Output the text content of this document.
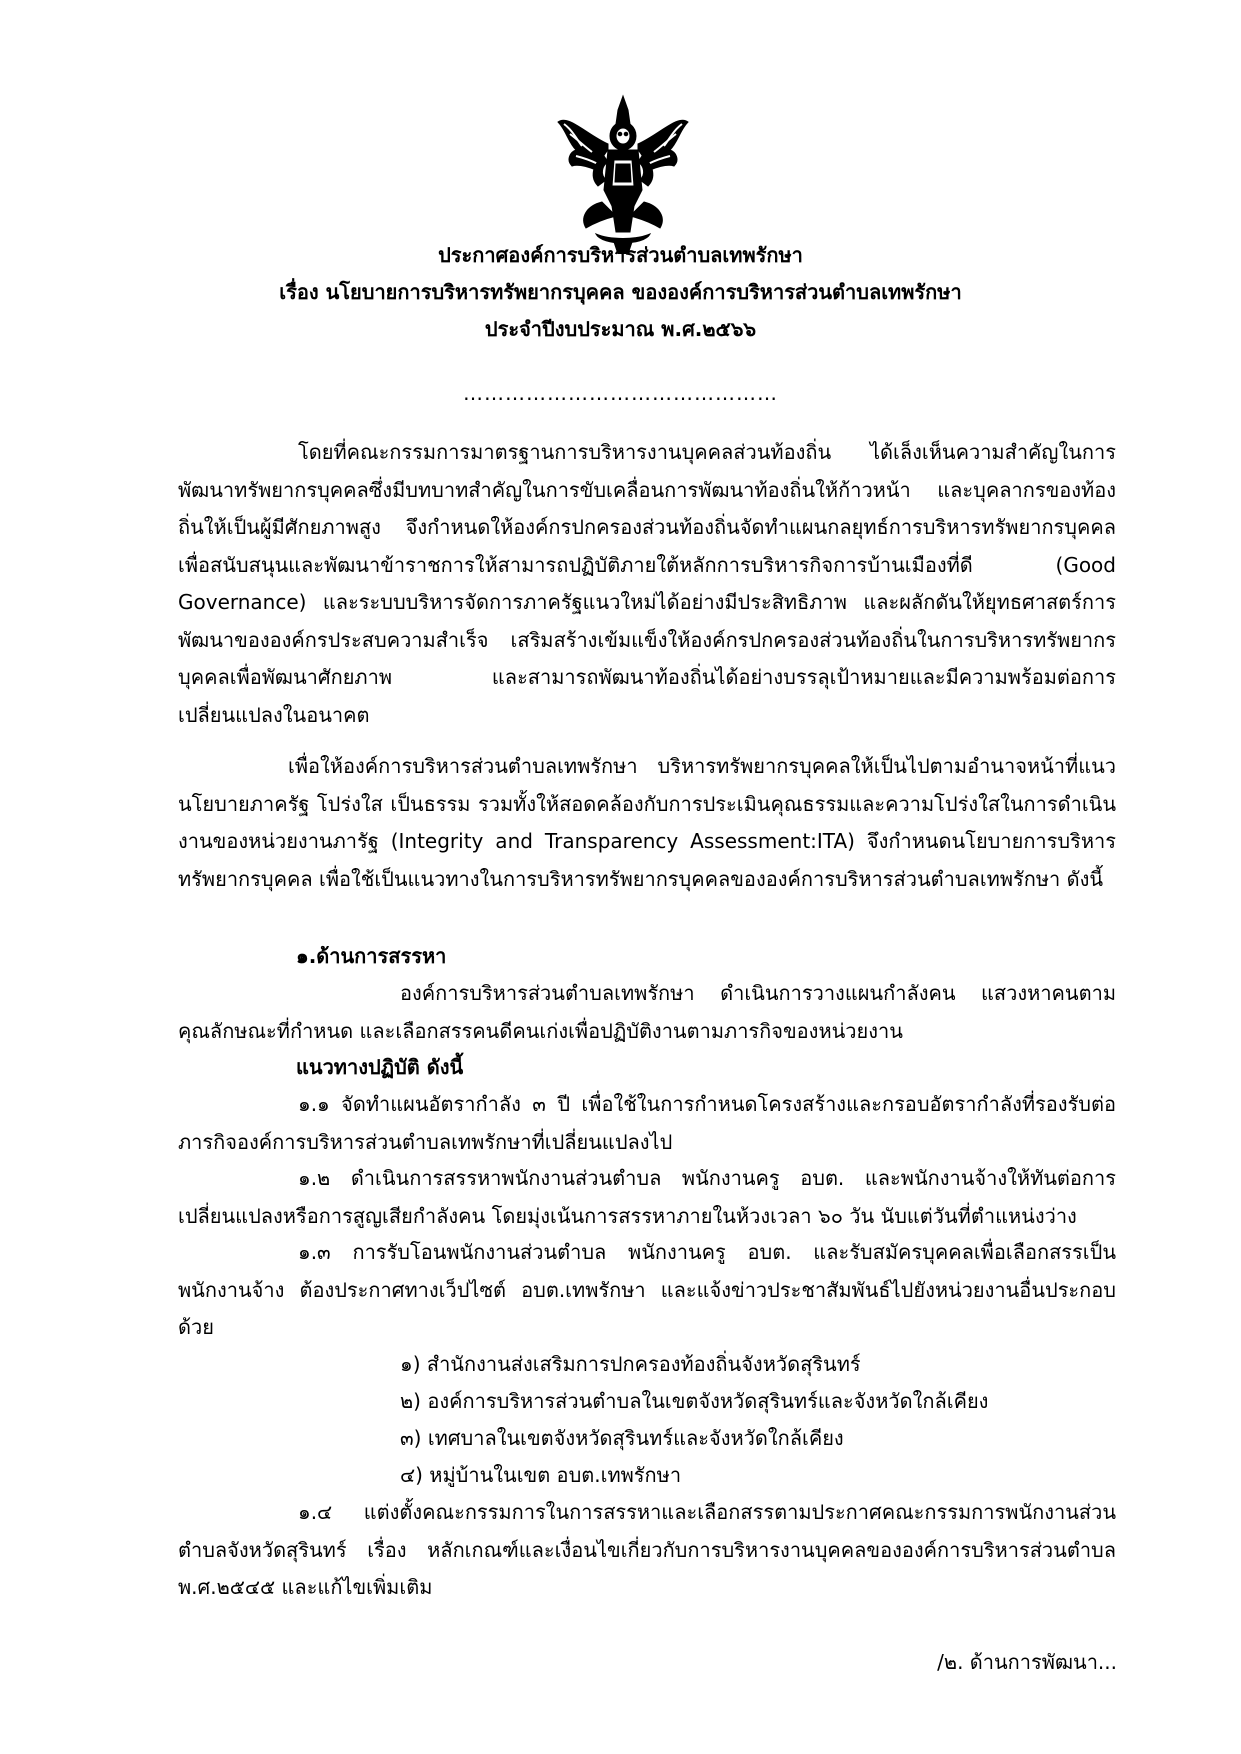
ประกาศองค์การบริหารส่วนตำบลเทพรักษา
เรื่อง นโยบายการบริหารทรัพยากรบุคคล ขององค์การบริหารส่วนตำบลเทพรักษา
ประจำปีงบประมาณ พ.ศ.๒๕๖๖
………………………………………

โดยที่คณะกรรมการมาตรฐานการบริหารงานบุคคลส่วนท้องถิ่น ได้เล็งเห็นความสำคัญในการพัฒนาทรัพยากรบุคคลซึ่งมีบทบาทสำคัญในการขับเคลื่อนการพัฒนาท้องถิ่นให้ก้าวหน้า และบุคลากรของท้องถิ่นให้เป็นผู้มีศักยภาพสูง จึงกำหนดให้องค์กรปกครองส่วนท้องถิ่นจัดทำแผนกลยุทธ์การบริหารทรัพยากรบุคคลเพื่อสนับสนุนและพัฒนาข้าราชการให้สามารถปฏิบัติภายใต้หลักการบริหารกิจการบ้านเมืองที่ดี (Good Governance) และระบบบริหารจัดการภาครัฐแนวใหม่ได้อย่างมีประสิทธิภาพ และผลักดันให้ยุทธศาสตร์การพัฒนาขององค์กรประสบความสำเร็จ เสริมสร้างเข้มแข็งให้องค์กรปกครองส่วนท้องถิ่นในการบริหารทรัพยากรบุคคลเพื่อพัฒนาศักยภาพ และสามารถพัฒนาท้องถิ่นได้อย่างบรรลุเป้าหมายและมีความพร้อมต่อการเปลี่ยนแปลงในอนาคต

เพื่อให้องค์การบริหารส่วนตำบลเทพรักษา บริหารทรัพยากรบุคคลให้เป็นไปตามอำนาจหน้าที่แนวนโยบายภาครัฐ โปร่งใส เป็นธรรม รวมทั้งให้สอดคล้องกับการประเมินคุณธรรมและความโปร่งใสในการดำเนินงานของหน่วยงานภารัฐ (Integrity and Transparency Assessment:ITA) จึงกำหนดนโยบายการบริหารทรัพยากรบุคคล เพื่อใช้เป็นแนวทางในการบริหารทรัพยากรบุคคลขององค์การบริหารส่วนตำบลเทพรักษา ดังนี้

๑.ด้านการสรรหา

องค์การบริหารส่วนตำบลเทพรักษา ดำเนินการวางแผนกำลังคน แสวงหาคนตามคุณลักษณะที่กำหนด และเลือกสรรคนดีคนเก่งเพื่อปฏิบัติงานตามภารกิจของหน่วยงาน

แนวทางปฏิบัติ ดังนี้

๑.๑ จัดทำแผนอัตรากำลัง ๓ ปี เพื่อใช้ในการกำหนดโครงสร้างและกรอบอัตรากำลังที่รองรับต่อภารกิจองค์การบริหารส่วนตำบลเทพรักษาที่เปลี่ยนแปลงไป

๑.๒ ดำเนินการสรรหาพนักงานส่วนตำบล พนักงานครู อบต. และพนักงานจ้างให้ทันต่อการเปลี่ยนแปลงหรือการสูญเสียกำลังคน โดยมุ่งเน้นการสรรหาภายในห้วงเวลา ๖๐ วัน นับแต่วันที่ตำแหน่งว่าง

๑.๓ การรับโอนพนักงานส่วนตำบล พนักงานครู อบต. และรับสมัครบุคคลเพื่อเลือกสรรเป็นพนักงานจ้าง ต้องประกาศทางเว็ปไซต์ อบต.เทพรักษา และแจ้งข่าวประชาสัมพันธ์ไปยังหน่วยงานอื่นประกอบด้วย

๑) สำนักงานส่งเสริมการปกครองท้องถิ่นจังหวัดสุรินทร์

๒) องค์การบริหารส่วนตำบลในเขตจังหวัดสุรินทร์และจังหวัดใกล้เคียง

๓) เทศบาลในเขตจังหวัดสุรินทร์และจังหวัดใกล้เคียง

๔) หมู่บ้านในเขต อบต.เทพรักษา

๑.๔ แต่งตั้งคณะกรรมการในการสรรหาและเลือกสรรตามประกาศคณะกรรมการพนักงานส่วนตำบลจังหวัดสุรินทร์ เรื่อง หลักเกณฑ์และเงื่อนไขเกี่ยวกับการบริหารงานบุคคลขององค์การบริหารส่วนตำบล พ.ศ.๒๕๔๕ และแก้ไขเพิ่มเติม

/๒. ด้านการพัฒนา...
